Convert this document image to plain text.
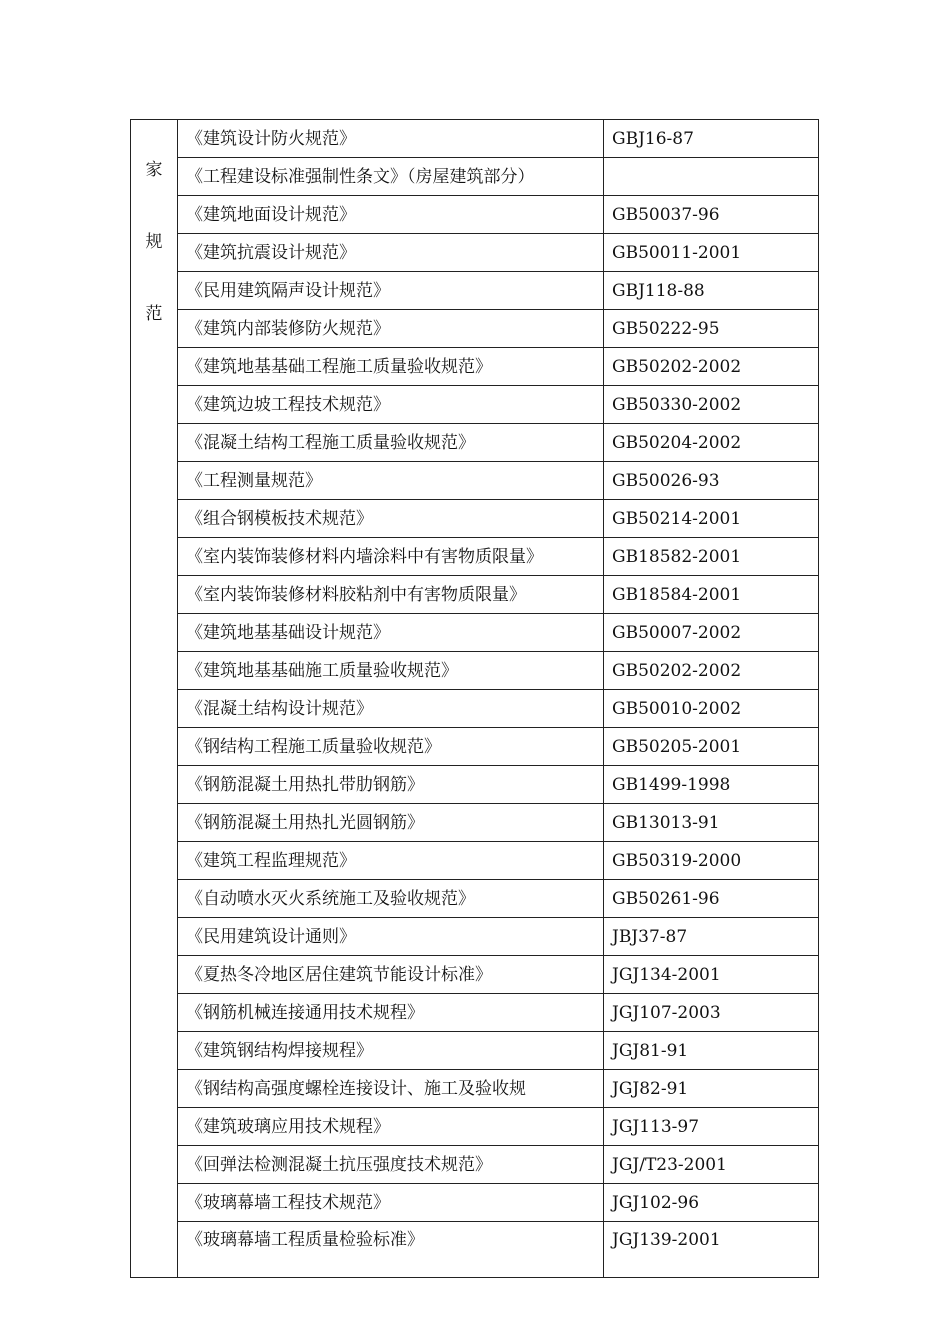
家
规
范	《建筑设计防火规范》	GBJ16-87
	《工程建设标准强制性条文》（房屋建筑部分）	
	《建筑地面设计规范》	GB50037-96
	《建筑抗震设计规范》	GB50011-2001
	《民用建筑隔声设计规范》	GBJ118-88
	《建筑内部装修防火规范》	GB50222-95
	《建筑地基基础工程施工质量验收规范》	GB50202-2002
	《建筑边坡工程技术规范》	GB50330-2002
	《混凝土结构工程施工质量验收规范》	GB50204-2002
	《工程测量规范》	GB50026-93
	《组合钢模板技术规范》	GB50214-2001
	《室内装饰装修材料内墙涂料中有害物质限量》	GB18582-2001
	《室内装饰装修材料胶粘剂中有害物质限量》	GB18584-2001
	《建筑地基基础设计规范》	GB50007-2002
	《建筑地基基础施工质量验收规范》	GB50202-2002
	《混凝土结构设计规范》	GB50010-2002
	《钢结构工程施工质量验收规范》	GB50205-2001
	《钢筋混凝土用热扎带肋钢筋》	GB1499-1998
	《钢筋混凝土用热扎光圆钢筋》	GB13013-91
	《建筑工程监理规范》	GB50319-2000
	《自动喷水灭火系统施工及验收规范》	GB50261-96
	《民用建筑设计通则》	JBJ37-87
	《夏热冬冷地区居住建筑节能设计标准》	JGJ134-2001
	《钢筋机械连接通用技术规程》	JGJ107-2003
	《建筑钢结构焊接规程》	JGJ81-91
	《钢结构高强度螺栓连接设计、施工及验收规	JGJ82-91
	《建筑玻璃应用技术规程》	JGJ113-97
	《回弹法检测混凝土抗压强度技术规范》	JGJ/T23-2001
	《玻璃幕墙工程技术规范》	JGJ102-96
	《玻璃幕墙工程质量检验标准》	JGJ139-2001
